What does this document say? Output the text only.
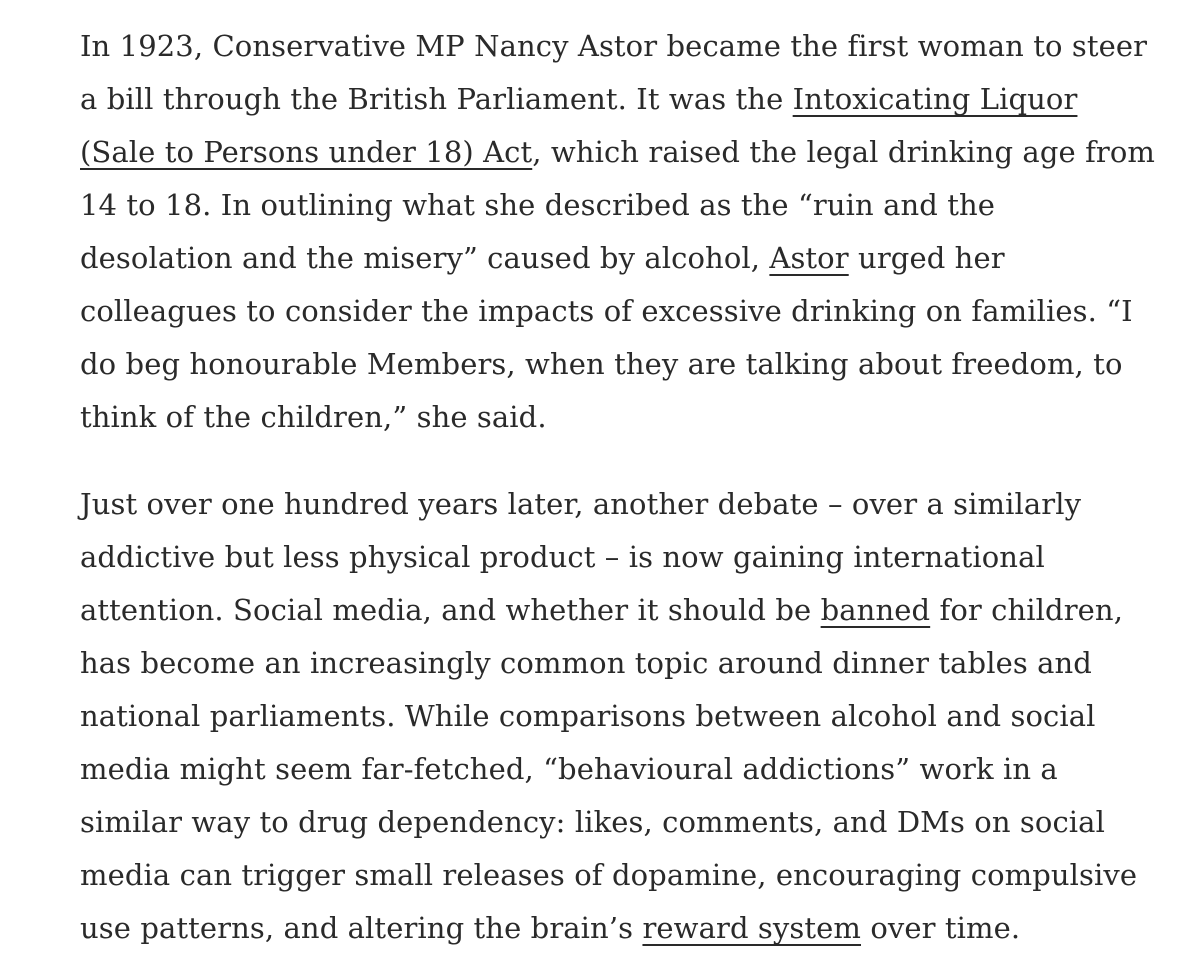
In 1923, Conservative MP Nancy Astor became the first woman to steer
a bill through the British Parliament. It was the Intoxicating Liquor
(Sale to Persons under 18) Act, which raised the legal drinking age from
14 to 18. In outlining what she described as the “ruin and the
desolation and the misery” caused by alcohol, Astor urged her
colleagues to consider the impacts of excessive drinking on families. “I
do beg honourable Members, when they are talking about freedom, to
think of the children,” she said.

Just over one hundred years later, another debate – over a similarly
addictive but less physical product – is now gaining international
attention. Social media, and whether it should be banned for children,
has become an increasingly common topic around dinner tables and
national parliaments. While comparisons between alcohol and social
media might seem far-fetched, “behavioural addictions” work in a
similar way to drug dependency: likes, comments, and DMs on social
media can trigger small releases of dopamine, encouraging compulsive
use patterns, and altering the brain’s reward system over time.
